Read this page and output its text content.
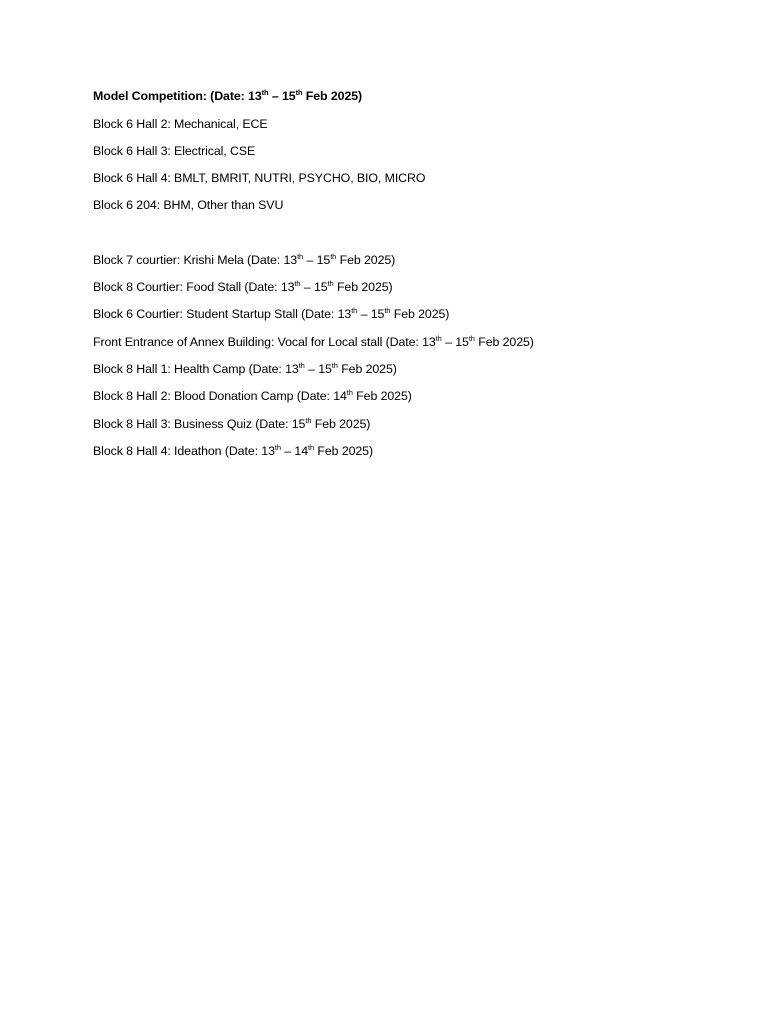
Model Competition: (Date: 13th – 15th Feb 2025)
Block 6 Hall 2: Mechanical, ECE
Block 6 Hall 3: Electrical, CSE
Block 6 Hall 4: BMLT, BMRIT, NUTRI, PSYCHO, BIO, MICRO
Block 6 204: BHM, Other than SVU
Block 7 courtier: Krishi Mela (Date: 13th – 15th Feb 2025)
Block 8 Courtier: Food Stall (Date: 13th – 15th Feb 2025)
Block 6 Courtier: Student Startup Stall (Date: 13th – 15th Feb 2025)
Front Entrance of Annex Building: Vocal for Local stall (Date: 13th – 15th Feb 2025)
Block 8 Hall 1: Health Camp (Date: 13th – 15th Feb 2025)
Block 8 Hall 2: Blood Donation Camp (Date: 14th Feb 2025)
Block 8 Hall 3: Business Quiz (Date: 15th Feb 2025)
Block 8 Hall 4: Ideathon (Date: 13th – 14th Feb 2025)
